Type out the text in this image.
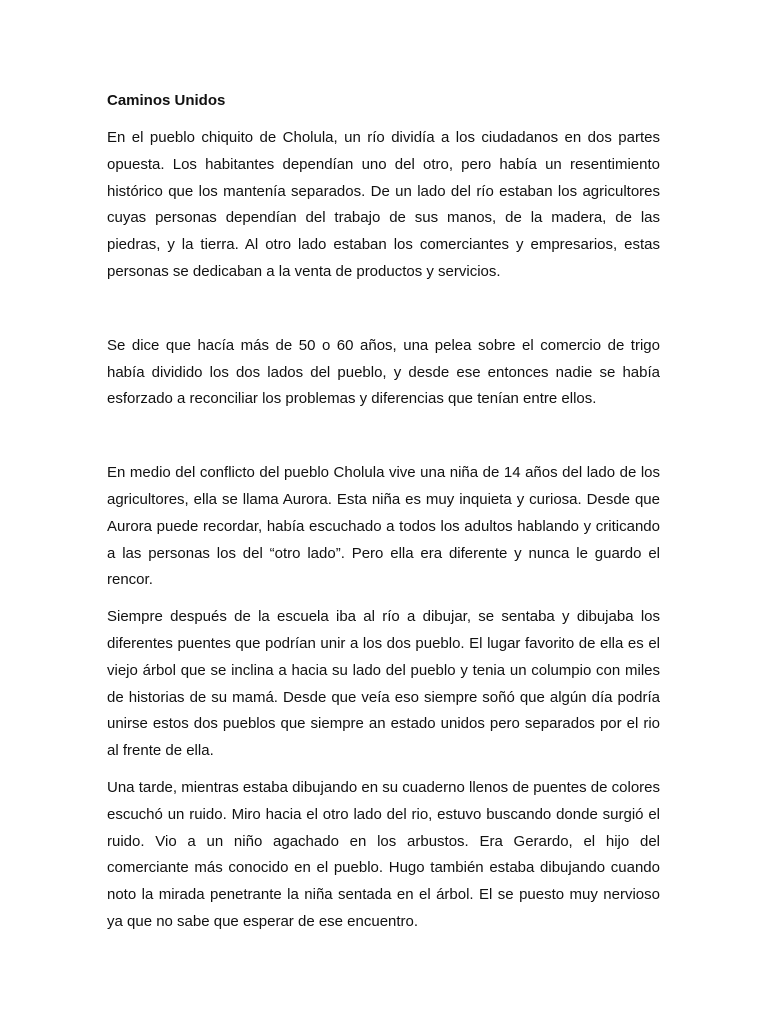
Caminos Unidos

En el pueblo chiquito de Cholula, un río dividía a los ciudadanos en dos partes opuesta. Los habitantes dependían uno del otro, pero había un resentimiento histórico que los mantenía separados. De un lado del río estaban los agricultores cuyas personas dependían del trabajo de sus manos, de la madera, de las piedras, y la tierra. Al otro lado estaban los comerciantes y empresarios, estas personas se dedicaban a la venta de productos y servicios.

Se dice que hacía más de 50 o 60 años, una pelea sobre el comercio de trigo había dividido los dos lados del pueblo, y desde ese entonces nadie se había esforzado a reconciliar los problemas y diferencias que tenían entre ellos.

En medio del conflicto del pueblo Cholula vive una niña de 14 años del lado de los agricultores, ella se llama Aurora. Esta niña es muy inquieta y curiosa. Desde que Aurora puede recordar, había escuchado a todos los adultos hablando y criticando a las personas los del “otro lado”. Pero ella era diferente y nunca le guardo el rencor.

Siempre después de la escuela iba al río a dibujar, se sentaba y dibujaba los diferentes puentes que podrían unir a los dos pueblo. El lugar favorito de ella es el viejo árbol que se inclina a hacia su lado del pueblo y tenia un columpio con miles de historias de su mamá. Desde que veía eso siempre soñó que algún día podría unirse estos dos pueblos que siempre an estado unidos pero separados por el rio al frente de ella.

Una tarde, mientras estaba dibujando en su cuaderno llenos de puentes de colores escuchó un ruido. Miro hacia el otro lado del rio, estuvo buscando donde surgió el ruido. Vio a un niño agachado en los arbustos. Era Gerardo, el hijo del comerciante más conocido en el pueblo. Hugo también estaba dibujando cuando noto la mirada penetrante la niña sentada en el árbol. El se puesto muy nervioso ya que no sabe que esperar de ese encuentro.
